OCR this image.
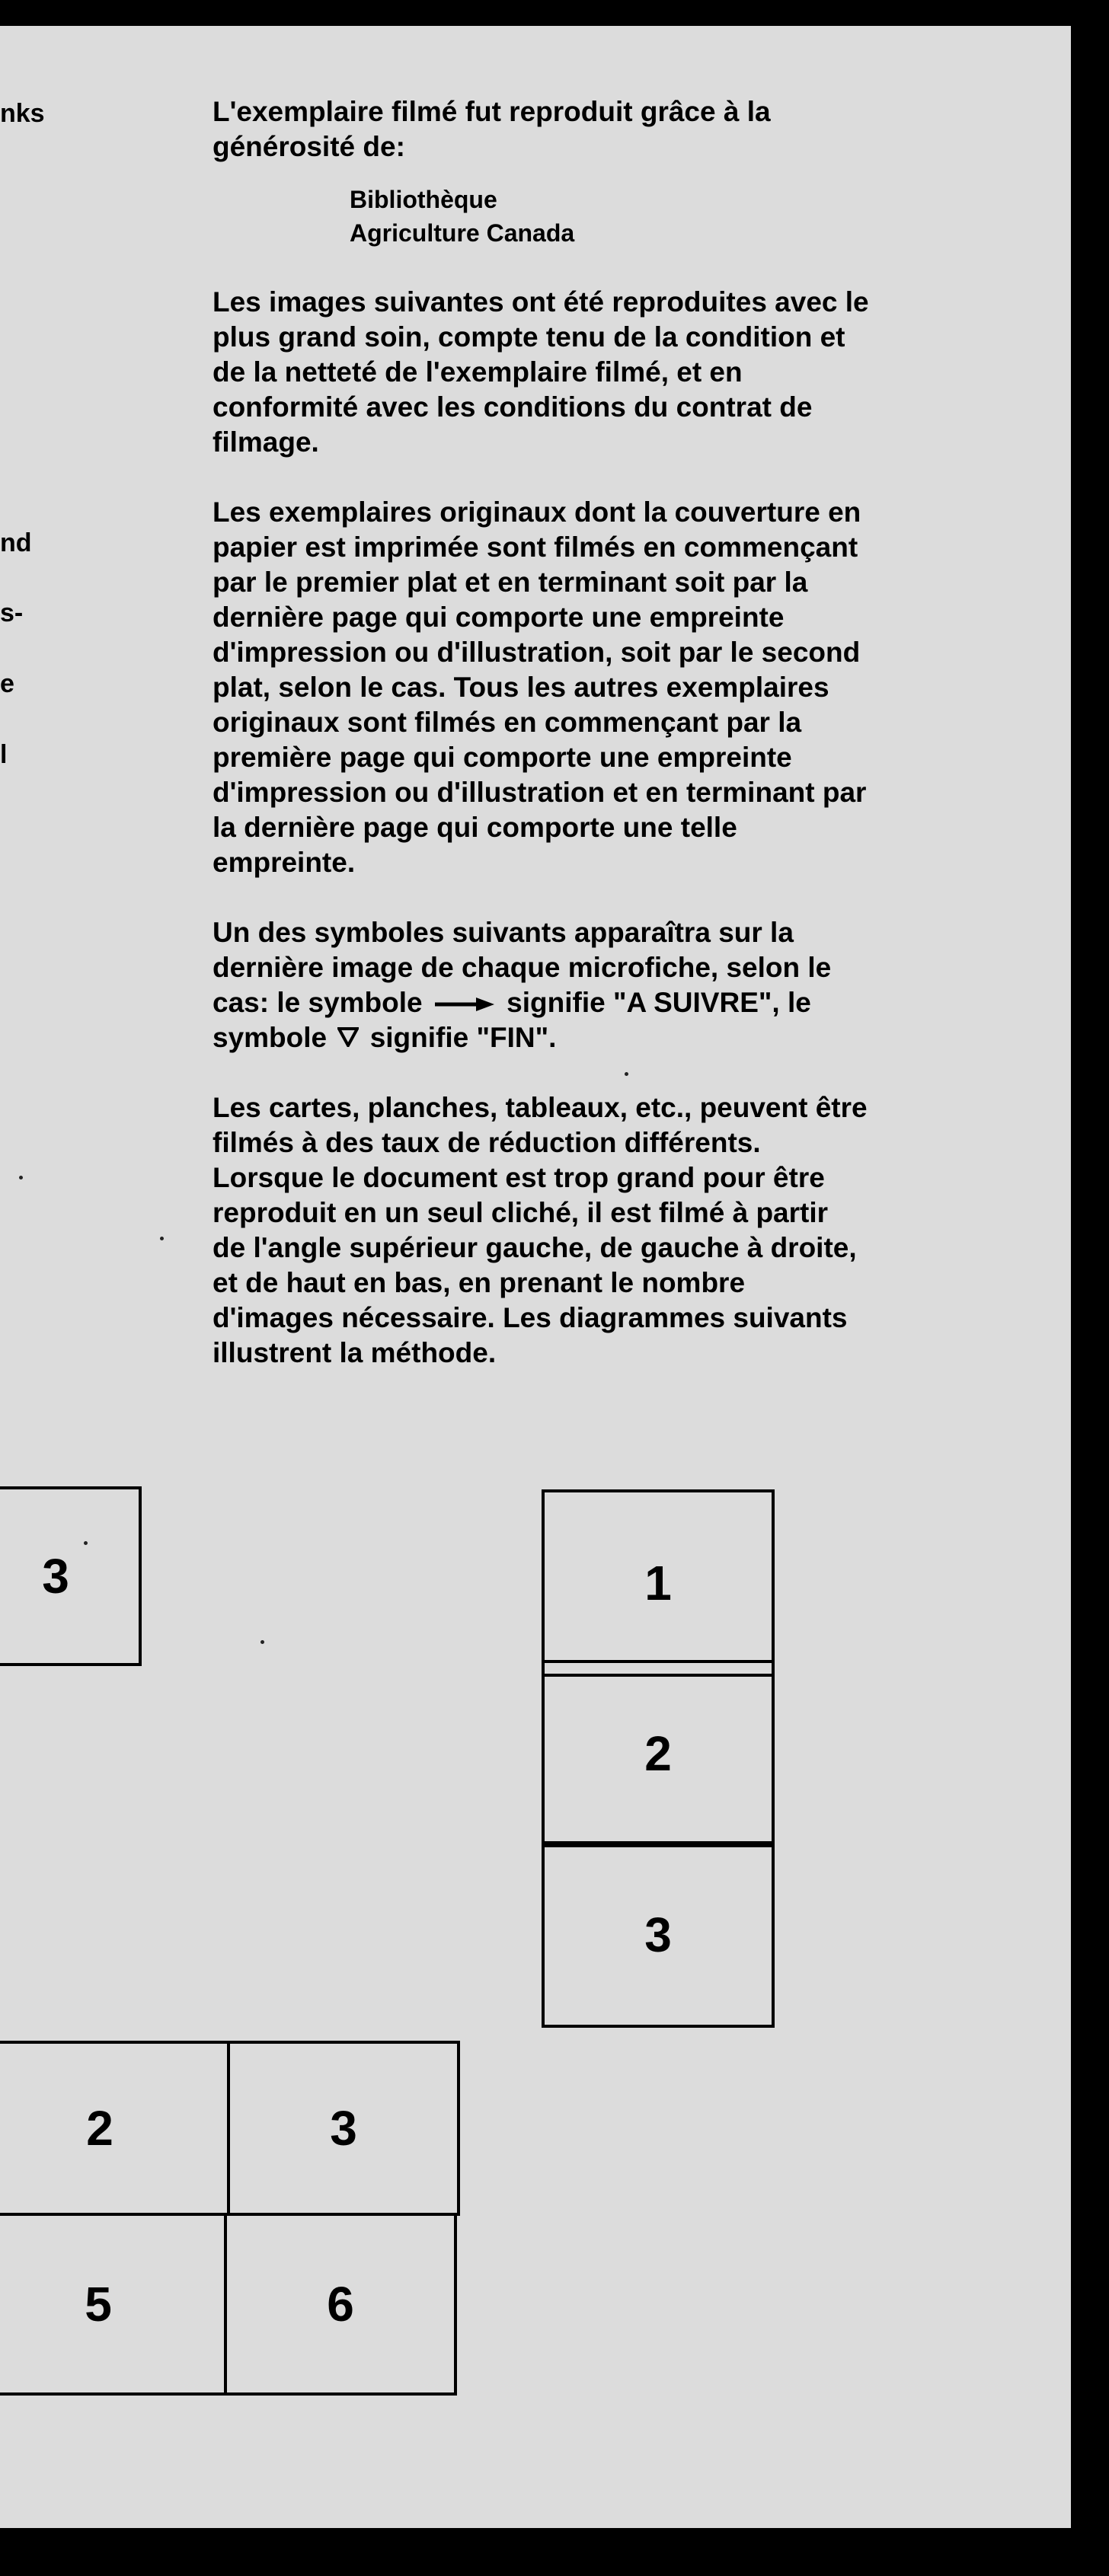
nks
nd
s-
e
l
L'exemplaire filmé fut reproduit grâce à la
générosité de:
Bibliothèque
Agriculture Canada
Les images suivantes ont été reproduites avec le
plus grand soin, compte tenu de la condition et
de la netteté de l'exemplaire filmé, et en
conformité avec les conditions du contrat de
filmage.
Les exemplaires originaux dont la couverture en
papier est imprimée sont filmés en commençant
par le premier plat et en terminant soit par la
dernière page qui comporte une empreinte
d'impression ou d'illustration, soit par le second
plat, selon le cas. Tous les autres exemplaires
originaux sont filmés en commençant par la
première page qui comporte une empreinte
d'impression ou d'illustration et en terminant par
la dernière page qui comporte une telle
empreinte.
Un des symboles suivants apparaîtra sur la
dernière image de chaque microfiche, selon le
cas: le symbole	signifie "A SUIVRE", le
symbole signifie "FIN".
Les cartes, planches, tableaux, etc., peuvent être
filmés à des taux de réduction différents.
Lorsque le document est trop grand pour être
reproduit en un seul cliché, il est filmé à partir
de l'angle supérieur gauche, de gauche à droite,
et de haut en bas, en prenant le nombre
d'images nécessaire. Les diagrammes suivants
illustrent la méthode.
3	1
2
3
2	3
5	6
